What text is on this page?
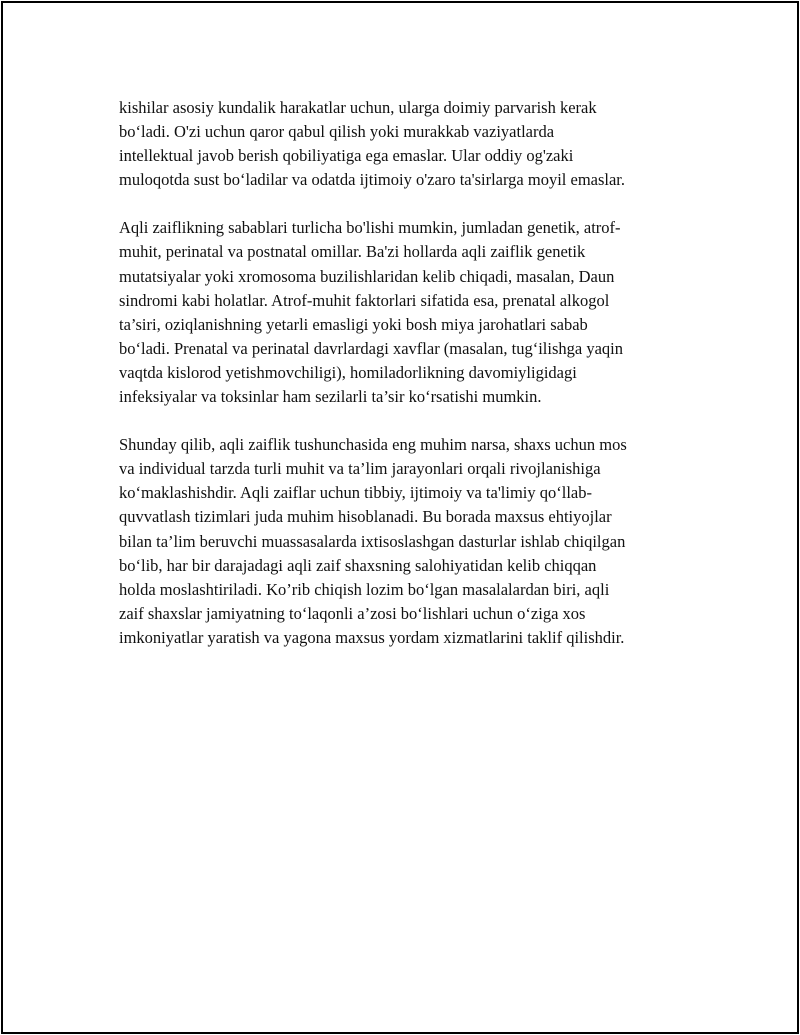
kishilar asosiy kundalik harakatlar uchun, ularga doimiy parvarish kerak
bo‘ladi. O'zi uchun qaror qabul qilish yoki murakkab vaziyatlarda
intellektual javob berish qobiliyatiga ega emaslar. Ular oddiy og'zaki
muloqotda sust bo‘ladilar va odatda ijtimoiy o'zaro ta'sirlarga moyil emaslar.

Aqli zaiflikning sabablari turlicha bo'lishi mumkin, jumladan genetik, atrof-
muhit, perinatal va postnatal omillar. Ba'zi hollarda aqli zaiflik genetik
mutatsiyalar yoki xromosoma buzilishlaridan kelib chiqadi, masalan, Daun
sindromi kabi holatlar. Atrof-muhit faktorlari sifatida esa, prenatal alkogol
ta’siri, oziqlanishning yetarli emasligi yoki bosh miya jarohatlari sabab
bo‘ladi. Prenatal va perinatal davrlardagi xavflar (masalan, tug‘ilishga yaqin
vaqtda kislorod yetishmovchiligi), homiladorlikning davomiyligidagi
infeksiyalar va toksinlar ham sezilarli ta’sir ko‘rsatishi mumkin.

Shunday qilib, aqli zaiflik tushunchasida eng muhim narsa, shaxs uchun mos
va individual tarzda turli muhit va ta’lim jarayonlari orqali rivojlanishiga
ko‘maklashishdir. Aqli zaiflar uchun tibbiy, ijtimoiy va ta'limiy qo‘llab-
quvvatlash tizimlari juda muhim hisoblanadi. Bu borada maxsus ehtiyojlar
bilan ta’lim beruvchi muassasalarda ixtisoslashgan dasturlar ishlab chiqilgan
bo‘lib, har bir darajadagi aqli zaif shaxsning salohiyatidan kelib chiqqan
holda moslashtiriladi. Ko’rib chiqish lozim bo‘lgan masalalardan biri, aqli
zaif shaxslar jamiyatning to‘laqonli a’zosi bo‘lishlari uchun o‘ziga xos
imkoniyatlar yaratish va yagona maxsus yordam xizmatlarini taklif qilishdir.
